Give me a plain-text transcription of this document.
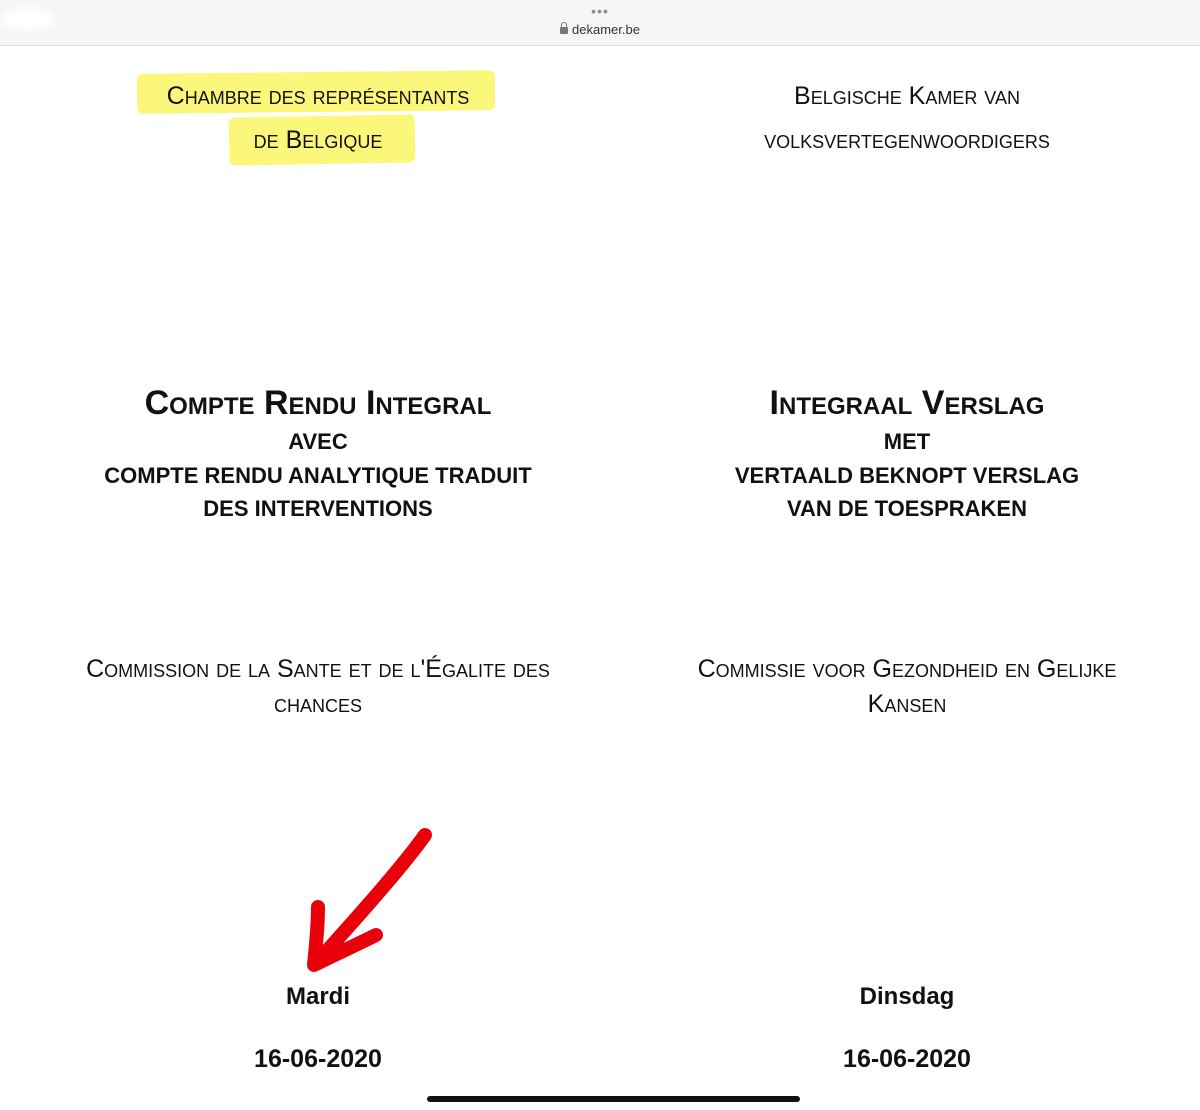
•••
dekamer.be
Chambre des représentants
de Belgique
Belgische Kamer van
volksvertegenwoordigers
Compte Rendu Integral
AVEC
COMPTE RENDU ANALYTIQUE TRADUIT
DES INTERVENTIONS
Integraal Verslag
MET
VERTAALD BEKNOPT VERSLAG
VAN DE TOESPRAKEN
Commission de la Sante et de l'Égalite des
chances
Commissie voor Gezondheid en Gelijke
Kansen
Mardi	Dinsdag
16-06-2020	16-06-2020
